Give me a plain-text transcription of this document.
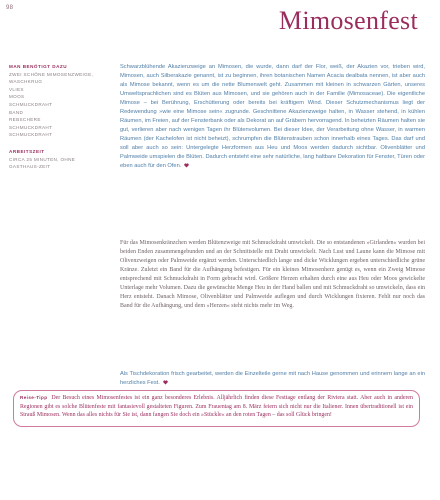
98	Mimosenfest
MAN BENÖTIGT DAZU
ZWEI SCHÖNE MIMOSENZWEIGE,
WASCHKRUG
VLIES
MOOS
SCHMUCKDRAHT
BAND
REBSCHERE
SCHMUCKDRAHT
SCHMUCKDRAHT
ARBEITSZEIT
CIRCA 25 MINUTEN, OHNE
GASTHAUS-ZEIT

Schwarzblühende Akazienzweige an Mimosen, die wurde, dann darf der Flor, weiß, der Akazien vor, trieben wird, Mimosen, auch Silberakazie genannt, ist zu beginnen, ihren botanischen Namen Acacia dealbata nennen, ist aber auch als Mimose bekannt, wenn es um die nette Blumenwelt geht. Zusammen mit kleinen in schwarzen Gärten, unseres Umweltsprachlichen sind es Blüten aus Mimosen, und sie gehören auch in der Familie (Mimosaceae). Die eigentliche Mimose – bei Berührung, Erschütterung oder bereits bei kräftigem Wind. Dieser Schutzmechanismus liegt der Redewendung »wie eine Mimose sein« zugrunde. Geschnittene Akazienzweige halten, in Wasser stehend, in kühlen Räumen, im Freien, auf der Fensterbank oder als Dekorat an auf Gräbern hervorragend. In beheizten Räumen halten sie gut, verlieren aber nach wenigen Tagen ihr Blütenvolumen. Bei dieser Idee, der Verarbeitung ohne Wasser, in warmen Räumen (der Kachelofen ist nicht beheizt), schrumpfen die Blütenstrauben schon innerhalb eines Tages. Das darf und soll aber auch so sein: Untergelegte Herzformen aus Heu und Moos werden dadurch sichtbar. Olivenblätter und Palmweide umspielen die Blüten. Dadurch entsteht eine sehr natürliche, lang haltbare Dekoration für Fenster, Türen oder eben auch für den Ofen.

Für das Mimosenkränzchen werden Blütenzweige mit Schmuckdraht umwickelt. Die so entstandenen »Girlanden« wurden bei beiden Enden zusammengebunden und an der Schnittstelle mit Draht umwickelt. Nach Lust und Laune kann die Mimose mit Olivenzweigen oder Palmweide ergänzt werden. Unterschiedlich lange und dicke Wicklungen ergeben unterschiedliche grüne Kränze. Zuletzt ein Band für die Aufhängung befestigen. Für ein kleines Mimosenherz genügt es, wenn ein Zweig Mimose entsprechend mit Schmuckdraht in Form gebracht wird. Größere Herzen erhalten durch eine aus Heu oder Moos gewickelte Unterlage mehr Volumen. Dazu die gewünschte Menge Heu in der Hand ballen und mit Schmuckdraht so umwickeln, dass ein Herz entsteht. Danach Mimose, Olivenblätter und Palmweide auflegen und durch Wicklungen fixieren. Fehlt nur noch das Band für die Aufhängung, und dem »Herzen« steht nichts mehr im Weg.

Als Tischdekoration frisch gearbeitet, werden die Einzelteile gerne mit nach Hause genommen und erinnern lange an ein herzliches Fest.

Reise-Tipp Der Besuch eines Mimosenfestes ist ein ganz besonderes Erlebnis. Alljährlich finden diese Festtage entlang der Riviera statt. Aber auch in anderen Regionen gibt es solche Blütenfeste mit fantasievoll gestalteten Figuren. Zum Frauentag am 8. März feiern sich nicht nur die Italiener. Innen übertraditionell ist ein Strauß Mimosen. Wenn das alles nichts für Sie ist, dann fangen Sie doch ein »Stückle« an den roten Tagen – das soll Glück bringen!
